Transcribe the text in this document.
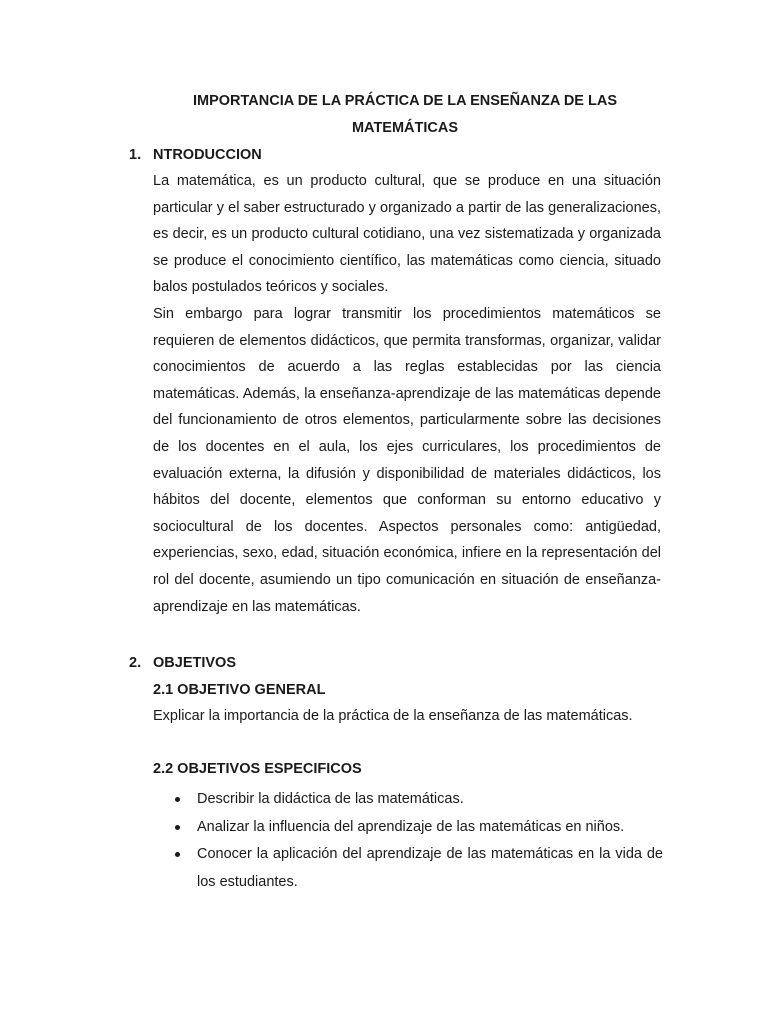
IMPORTANCIA DE LA PRÁCTICA DE LA ENSEÑANZA DE LAS MATEMÁTICAS
1. NTRODUCCION
La matemática, es un producto cultural, que se produce en una situación particular y el saber estructurado y organizado a partir de las generalizaciones, es decir, es un producto cultural cotidiano, una vez sistematizada y organizada se produce el conocimiento científico, las matemáticas como ciencia, situado balos postulados teóricos y sociales.
Sin embargo para lograr transmitir los procedimientos matemáticos se requieren de elementos didácticos, que permita transformas, organizar, validar conocimientos de acuerdo a las reglas establecidas por las ciencia matemáticas. Además, la enseñanza-aprendizaje de las matemáticas depende del funcionamiento de otros elementos, particularmente sobre las decisiones de los docentes en el aula, los ejes curriculares, los procedimientos de evaluación externa, la difusión y disponibilidad de materiales didácticos, los hábitos del docente, elementos que conforman su entorno educativo y sociocultural de los docentes. Aspectos personales como: antigüedad, experiencias, sexo, edad, situación económica, infiere en la representación del rol del docente, asumiendo un tipo comunicación en situación de enseñanza-aprendizaje en las matemáticas.
2. OBJETIVOS
2.1 OBJETIVO GENERAL
Explicar la importancia de la práctica de la enseñanza de las matemáticas.
2.2 OBJETIVOS ESPECIFICOS
Describir la didáctica de las matemáticas.
Analizar la influencia del aprendizaje de las matemáticas en niños.
Conocer la aplicación del aprendizaje de las matemáticas en la vida de los estudiantes.
